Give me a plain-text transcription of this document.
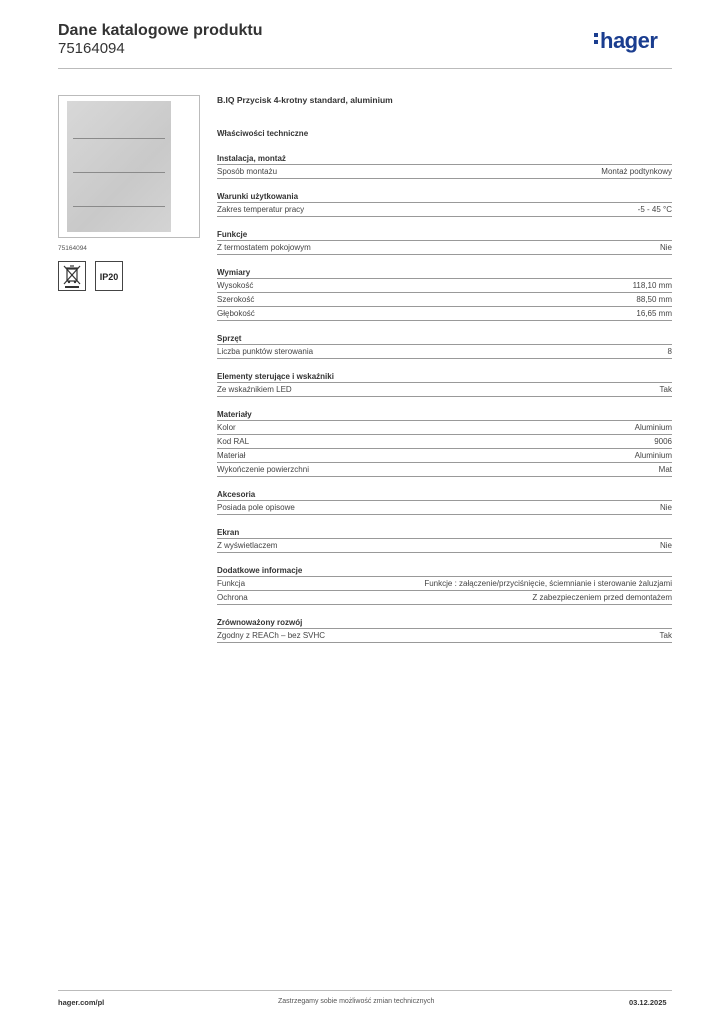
Dane katalogowe produktu
75164094	hager
75164094
IP20
B.IQ Przycisk 4-krotny standard, aluminium
Właściwości techniczne
Instalacja, montaż
Sposób montażu	Montaż podtynkowy
Warunki użytkowania
Zakres temperatur pracy	-5 - 45 °C
Funkcje
Z termostatem pokojowym	Nie
Wymiary
Wysokość	118,10 mm
Szerokość	88,50 mm
Głębokość	16,65 mm
Sprzęt
Liczba punktów sterowania	8
Elementy sterujące i wskaźniki
Ze wskaźnikiem LED	Tak
Materiały
Kolor	Aluminium
Kod RAL	9006
Materiał	Aluminium
Wykończenie powierzchni	Mat
Akcesoria
Posiada pole opisowe	Nie
Ekran
Z wyświetlaczem	Nie
Dodatkowe informacje
Funkcja	Funkcje : załączenie/przyciśnięcie, ściemnianie i sterowanie żaluzjami
Ochrona	Z zabezpieczeniem przed demontażem
Zrównoważony rozwój
Zgodny z REACh – bez SVHC	Tak
hager.com/pl	Zastrzegamy sobie możliwość zmian technicznych	03.12.2025
